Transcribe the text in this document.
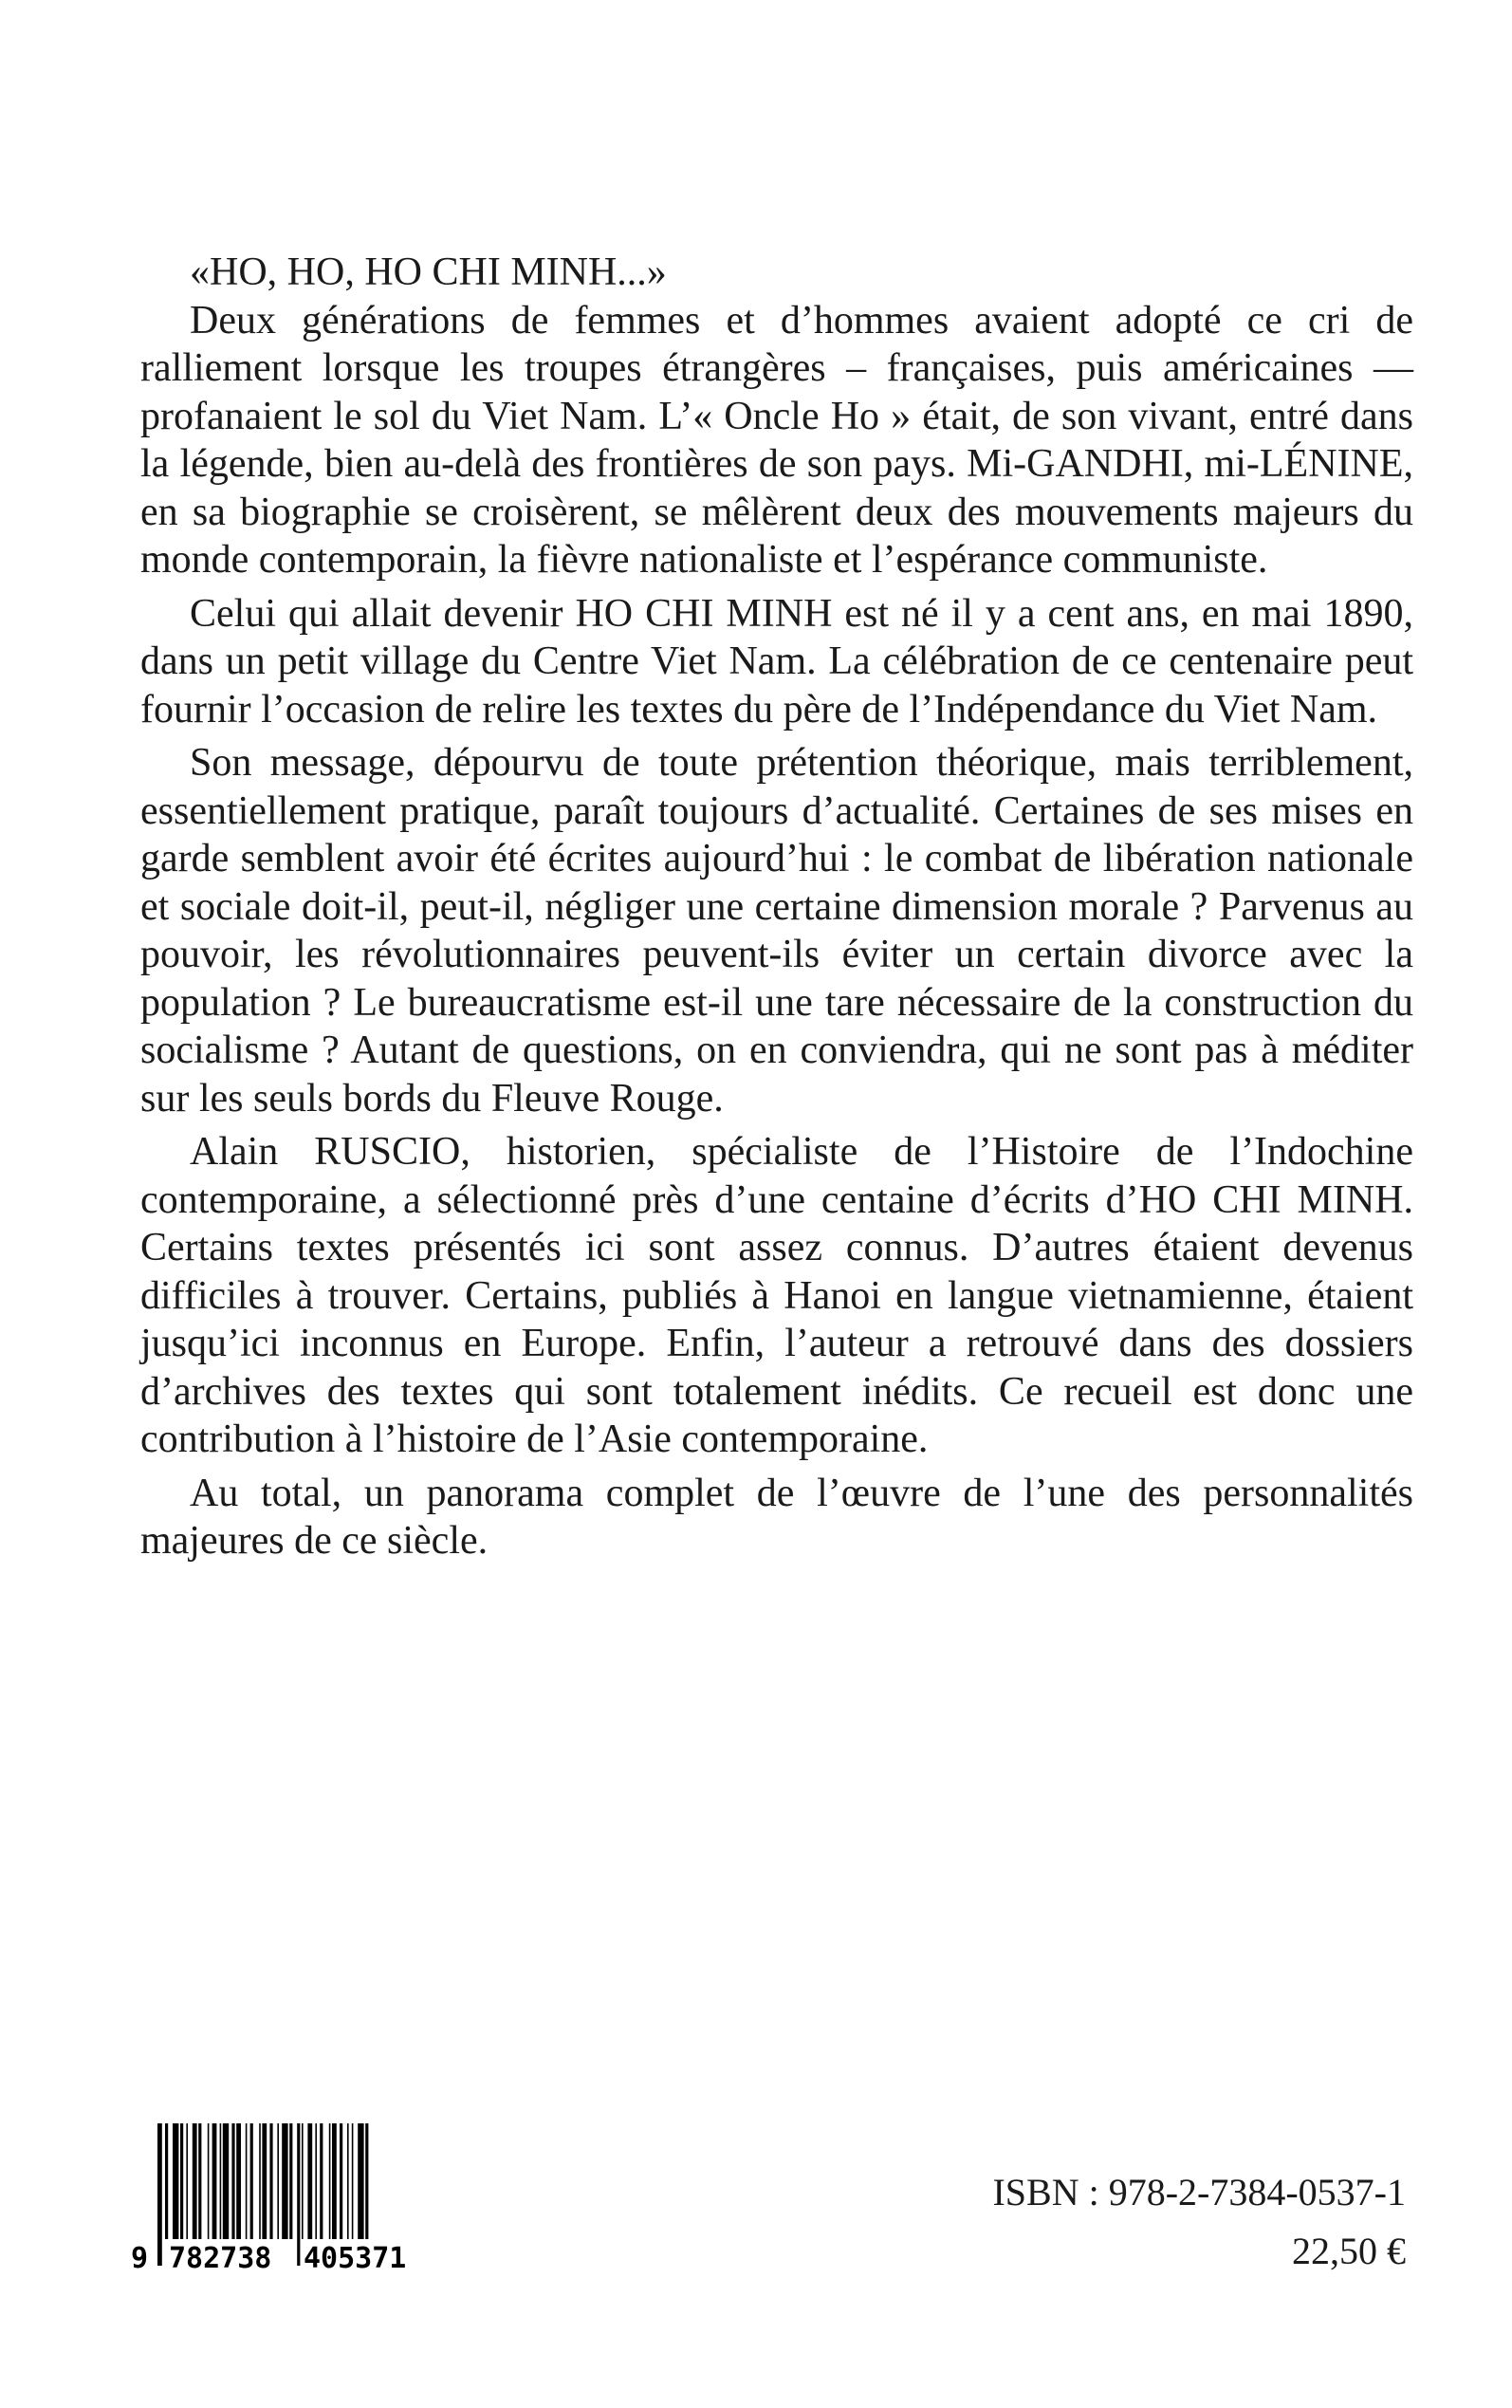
«HO, HO, HO CHI MINH...»

Deux générations de femmes et d’hommes avaient adopté ce cri de ralliement lorsque les troupes étrangères – françaises, puis américaines — profanaient le sol du Viet Nam. L’« Oncle Ho » était, de son vivant, entré dans la légende, bien au-delà des frontières de son pays. Mi-GANDHI, mi-LÉNINE, en sa biographie se croisèrent, se mêlèrent deux des mouvements majeurs du monde contemporain, la fièvre nationaliste et l’espérance communiste.

Celui qui allait devenir HO CHI MINH est né il y a cent ans, en mai 1890, dans un petit village du Centre Viet Nam. La célébration de ce centenaire peut fournir l’occasion de relire les textes du père de l’Indépendance du Viet Nam.

Son message, dépourvu de toute prétention théorique, mais terriblement, essentiellement pratique, paraît toujours d’actualité. Certaines de ses mises en garde semblent avoir été écrites aujourd’hui : le combat de libération nationale et sociale doit-il, peut-il, négliger une certaine dimension morale ? Parvenus au pouvoir, les révolutionnaires peuvent-ils éviter un certain divorce avec la population ? Le bureaucratisme est-il une tare nécessaire de la construction du socialisme ? Autant de questions, on en conviendra, qui ne sont pas à méditer sur les seuls bords du Fleuve Rouge.

Alain RUSCIO, historien, spécialiste de l’Histoire de l’Indochine contemporaine, a sélectionné près d’une centaine d’écrits d’HO CHI MINH. Certains textes présentés ici sont assez connus. D’autres étaient devenus difficiles à trouver. Certains, publiés à Hanoi en langue vietnamienne, étaient jusqu’ici inconnus en Europe. Enfin, l’auteur a retrouvé dans des dossiers d’archives des textes qui sont totalement inédits. Ce recueil est donc une contribution à l’histoire de l’Asie contemporaine.

Au total, un panorama complet de l’œuvre de l’une des personnalités majeures de ce siècle.

9 782738 405371
ISBN : 978-2-7384-0537-1
22,50 €
